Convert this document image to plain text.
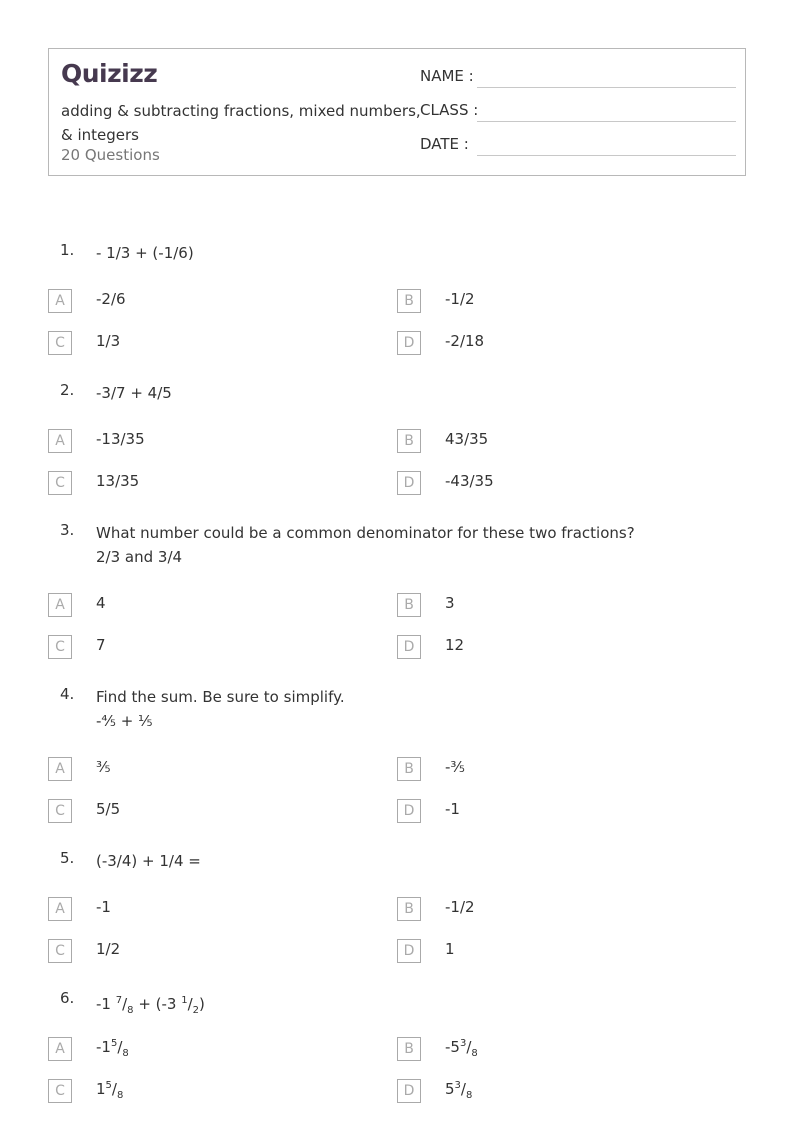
Quizizz
adding & subtracting fractions, mixed numbers, & integers
20 Questions
NAME :
CLASS :
DATE :
1. - 1/3 + (-1/6)
A	-2/6	B	-1/2
C	1/3	D	-2/18
2. -3/7 + 4/5
A	-13/35	B	43/35
C	13/35	D	-43/35
3. What number could be a common denominator for these two fractions?
2/3 and 3/4
A	4	B	3
C	7	D	12
4. Find the sum. Be sure to simplify.
-⅘ + ⅕
A	⅗	B	-⅗
C	5/5	D	-1
5. (-3/4) + 1/4 =
A	-1	B	-1/2
C	1/2	D	1
6. -1 $^7/_8 + (-3$ $^1/_2$)
A	$-1^5/_8$	B	$-5^3/_8$
C	$1^5/_8$	D	$5^3/_8$
